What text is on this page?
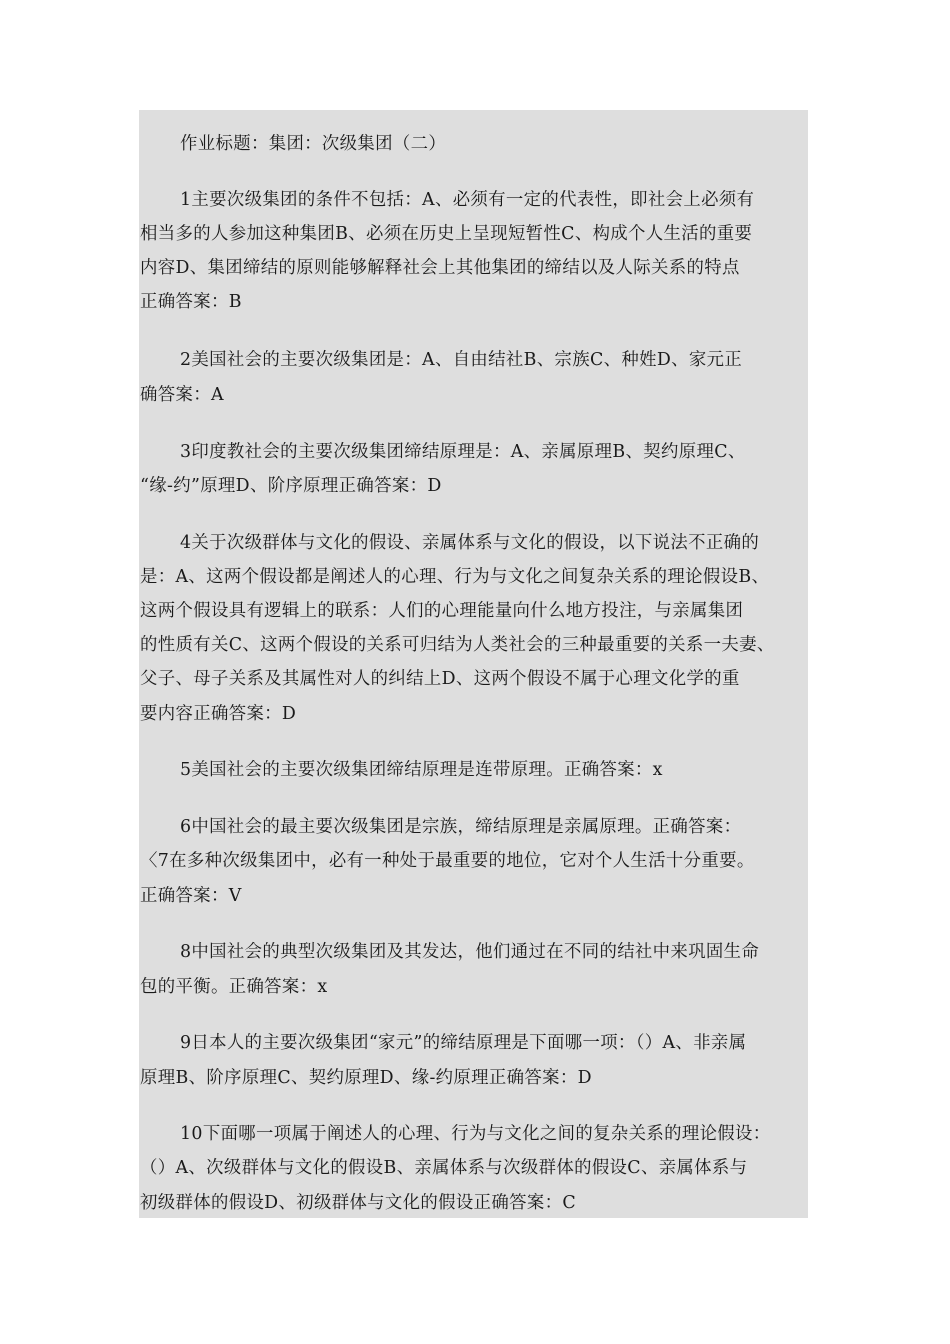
作业标题：集团：次级集团（二）
1主要次级集团的条件不包括：A、必须有一定的代表性，即社会上必须有
相当多的人参加这种集团B、必须在历史上呈现短暂性C、构成个人生活的重要
内容D、集团缔结的原则能够解释社会上其他集团的缔结以及人际关系的特点
正确答案：B
2美国社会的主要次级集团是：A、自由结社B、宗族C、种姓D、家元正
确答案：A
3印度教社会的主要次级集团缔结原理是：A、亲属原理B、契约原理C、
“缘-约”原理D、阶序原理正确答案：D
4关于次级群体与文化的假设、亲属体系与文化的假设，以下说法不正确的
是：A、这两个假设都是阐述人的心理、行为与文化之间复杂关系的理论假设B、
这两个假设具有逻辑上的联系：人们的心理能量向什么地方投注，与亲属集团
的性质有关C、这两个假设的关系可归结为人类社会的三种最重要的关系一夫妻、
父子、母子关系及其属性对人的纠结上D、这两个假设不属于心理文化学的重
要内容正确答案：D
5美国社会的主要次级集团缔结原理是连带原理。正确答案：x
6中国社会的最主要次级集团是宗族，缔结原理是亲属原理。正确答案：
〈7在多种次级集团中，必有一种处于最重要的地位，它对个人生活十分重要。
正确答案：V
8中国社会的典型次级集团及其发达，他们通过在不同的结社中来巩固生命
包的平衡。正确答案：x
9日本人的主要次级集团“家元”的缔结原理是下面哪一项：（）A、非亲属
原理B、阶序原理C、契约原理D、缘-约原理正确答案：D
10下面哪一项属于阐述人的心理、行为与文化之间的复杂关系的理论假设：
（）A、次级群体与文化的假设B、亲属体系与次级群体的假设C、亲属体系与
初级群体的假设D、初级群体与文化的假设正确答案：C
